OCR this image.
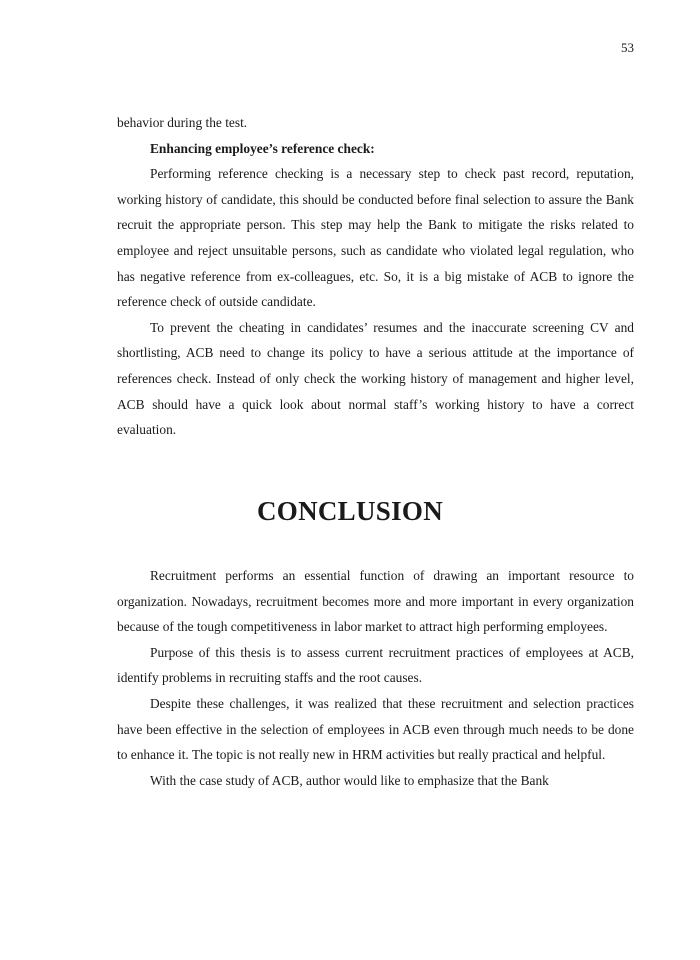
53

behavior during the test.

Enhancing employee’s reference check:

Performing reference checking is a necessary step to check past record, reputation, working history of candidate, this should be conducted before final selection to assure the Bank recruit the appropriate person. This step may help the Bank to mitigate the risks related to employee and reject unsuitable persons, such as candidate who violated legal regulation, who has negative reference from ex-colleagues, etc. So, it is a big mistake of ACB to ignore the reference check of outside candidate.

To prevent the cheating in candidates’ resumes and the inaccurate screening CV and shortlisting, ACB need to change its policy to have a serious attitude at the importance of references check. Instead of only check the working history of management and higher level, ACB should have a quick look about normal staff’s working history to have a correct evaluation.

CONCLUSION

Recruitment performs an essential function of drawing an important resource to organization. Nowadays, recruitment becomes more and more important in every organization because of the tough competitiveness in labor market to attract high performing employees.

Purpose of this thesis is to assess current recruitment practices of employees at ACB, identify problems in recruiting staffs and the root causes.

Despite these challenges, it was realized that these recruitment and selection practices have been effective in the selection of employees in ACB even through much needs to be done to enhance it. The topic is not really new in HRM activities but really practical and helpful.

With the case study of ACB, author would like to emphasize that the Bank
